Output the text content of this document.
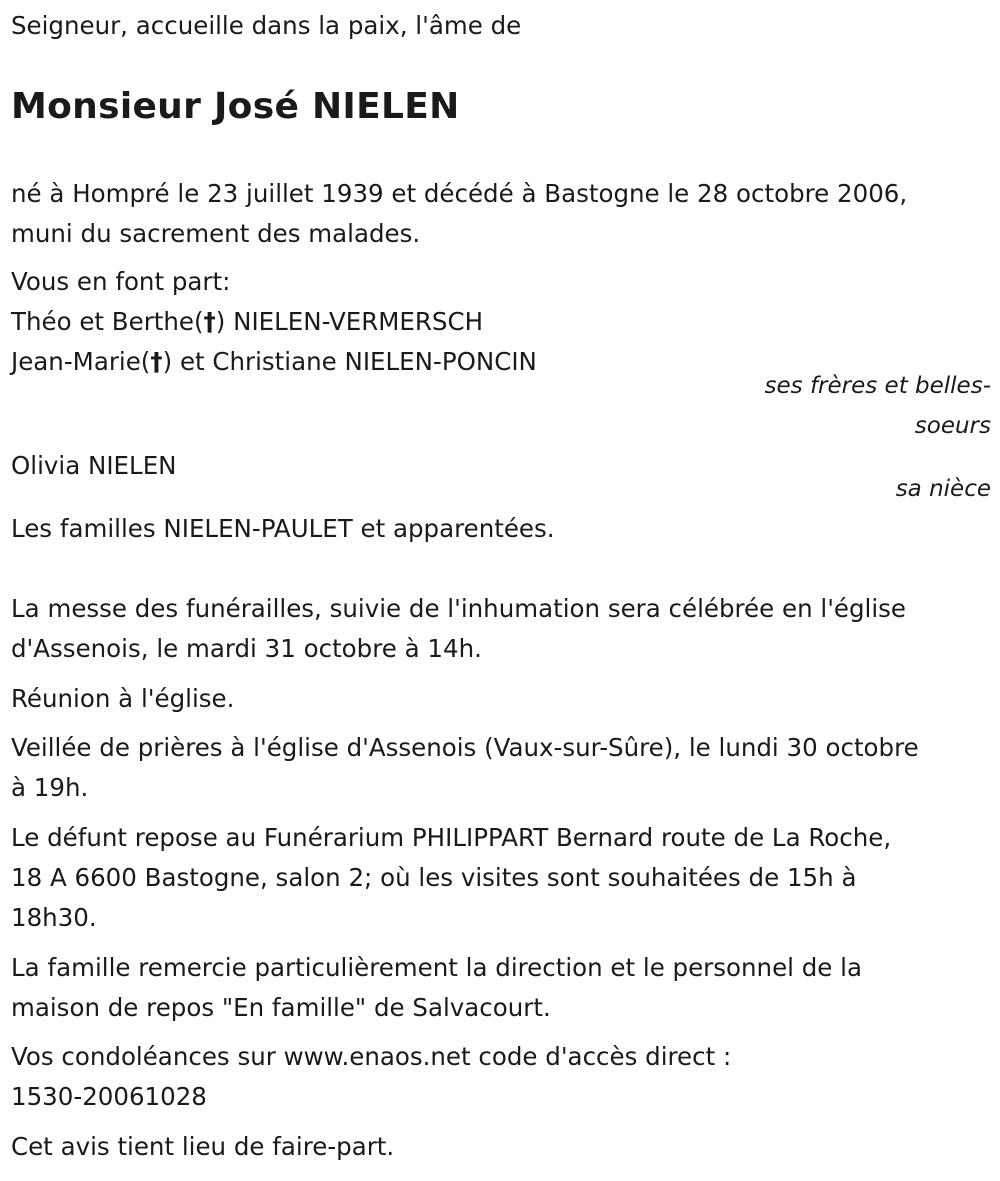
Seigneur, accueille dans la paix, l'âme de
Monsieur José NIELEN
né à Hompré le 23 juillet 1939 et décédé à Bastogne le 28 octobre 2006,
muni du sacrement des malades.
Vous en font part:
Théo et Berthe(†) NIELEN-VERMERSCH
Jean-Marie(†) et Christiane NIELEN-PONCIN
ses frères et belles-
soeurs
Olivia NIELEN
sa nièce
Les familles NIELEN-PAULET et apparentées.
La messe des funérailles, suivie de l'inhumation sera célébrée en l'église
d'Assenois, le mardi 31 octobre à 14h.
Réunion à l'église.
Veillée de prières à l'église d'Assenois (Vaux-sur-Sûre), le lundi 30 octobre
à 19h.
Le défunt repose au Funérarium PHILIPPART Bernard route de La Roche,
18 A 6600 Bastogne, salon 2; où les visites sont souhaitées de 15h à
18h30.
La famille remercie particulièrement la direction et le personnel de la
maison de repos "En famille" de Salvacourt.
Vos condoléances sur www.enaos.net code d'accès direct :
1530-20061028
Cet avis tient lieu de faire-part.
